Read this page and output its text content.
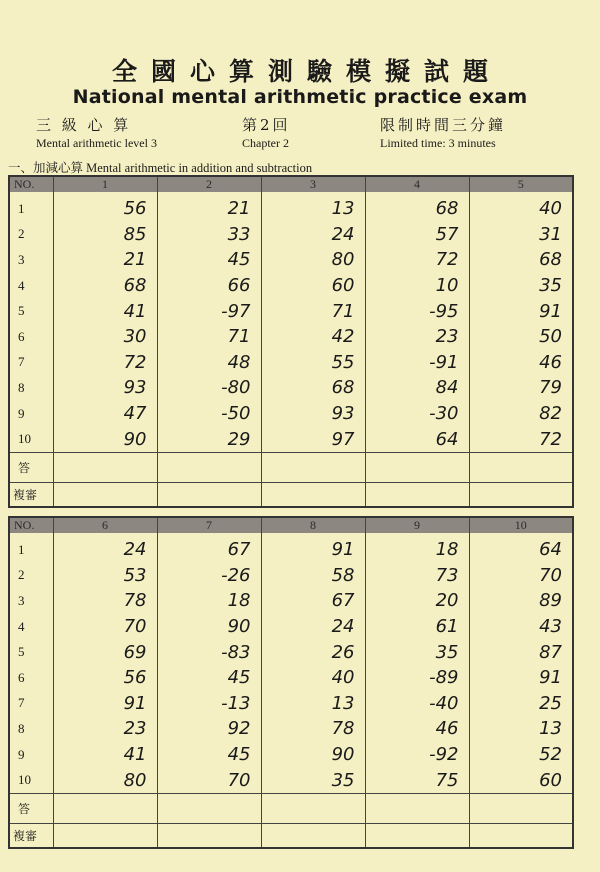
全國心算測驗模擬試題
National mental arithmetic practice exam
三 級 心 算
Mental arithmetic level 3
第2回
Chapter 2
限制時間三分鐘
Limited time: 3 minutes
一、加減心算 Mental arithmetic in addition and subtraction
NO.	1	2	3	4	5
1	56	21	13	68	40
2	85	33	24	57	31
3	21	45	80	72	68
4	68	66	60	10	35
5	41	-97	71	-95	91
6	30	71	42	23	50
7	72	48	55	-91	46
8	93	-80	68	84	79
9	47	-50	93	-30	82
10	90	29	97	64	72
答					
複審					
NO.	6	7	8	9	10
1	24	67	91	18	64
2	53	-26	58	73	70
3	78	18	67	20	89
4	70	90	24	61	43
5	69	-83	26	35	87
6	56	45	40	-89	91
7	91	-13	13	-40	25
8	23	92	78	46	13
9	41	45	90	-92	52
10	80	70	35	75	60
答					
複審					
